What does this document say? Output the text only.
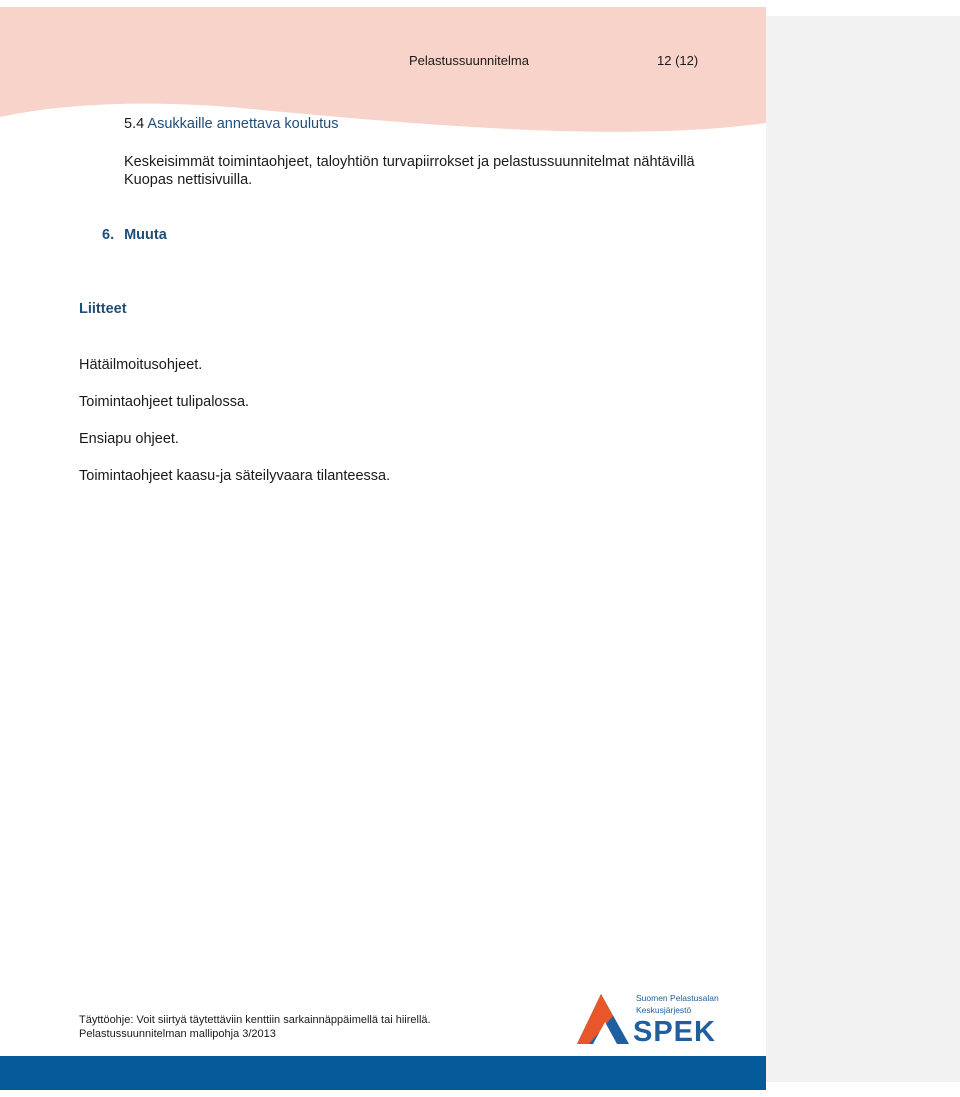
Pelastussuunnitelma	12 (12)
5.4 Asukkaille annettava koulutus
Keskeisimmät toimintaohjeet, taloyhtiön turvapiirrokset ja pelastussuunnitelmat nähtävillä Kuopas nettisivuilla.
6. Muuta
Liitteet
Hätäilmoitusohjeet.
Toimintaohjeet tulipalossa.
Ensiapu ohjeet.
Toimintaohjeet kaasu-ja säteilyvaara tilanteessa.
Täyttöohje: Voit siirtyä täytettäviin kenttiin sarkainnäppäimellä tai hiirellä.
Pelastussuunnitelman mallipohja 3/2013
Suomen Pelastusalan
Keskusjärjestö
SPEK
